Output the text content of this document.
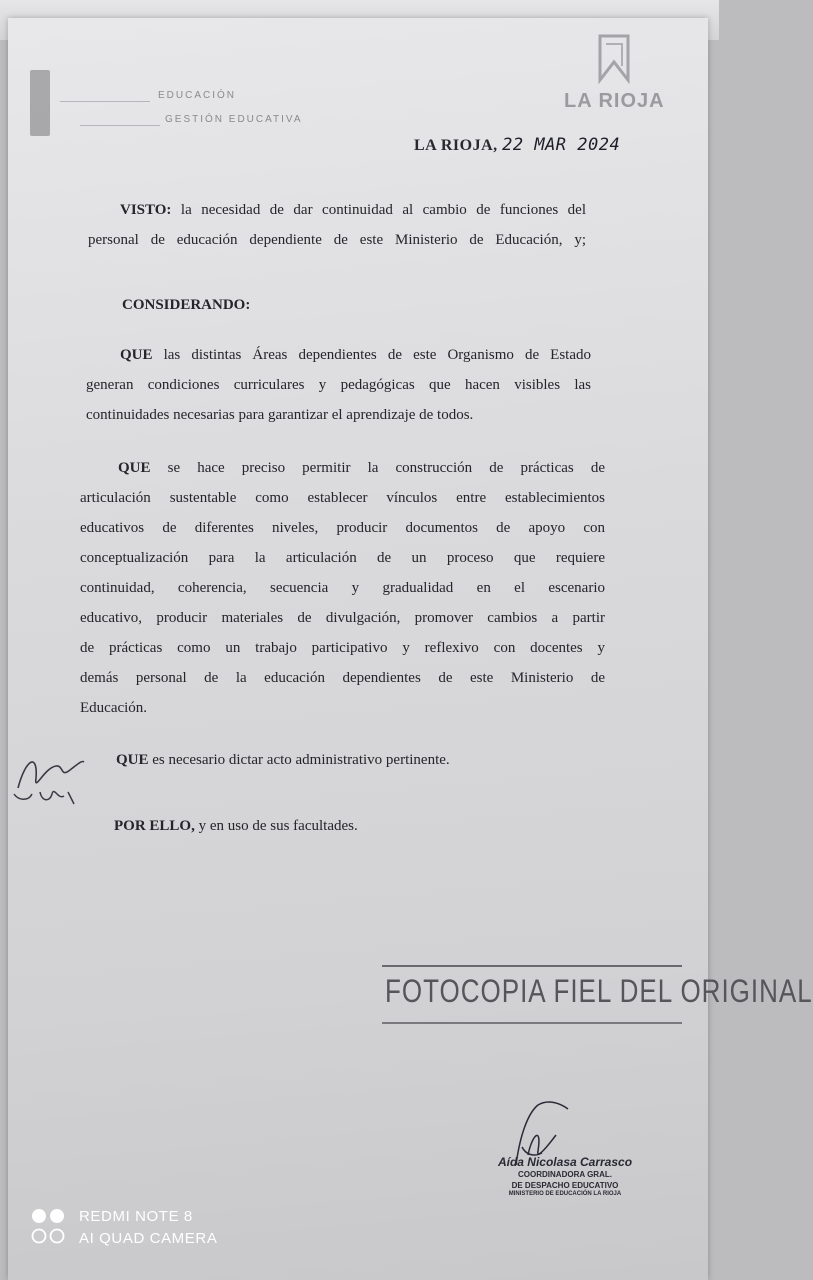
EDUCACIÓN
GESTIÓN EDUCATIVA
LA RIOJA
LA RIOJA, 22 MAR 2024
VISTO: la necesidad de dar continuidad al cambio de funciones del
personal de educación dependiente de este Ministerio de Educación, y;
CONSIDERANDO:
QUE las distintas Áreas dependientes de este Organismo de Estado
generan condiciones curriculares y pedagógicas que hacen visibles las
continuidades necesarias para garantizar el aprendizaje de todos.
QUE se hace preciso permitir la construcción de prácticas de
articulación sustentable como establecer vínculos entre establecimientos
educativos de diferentes niveles, producir documentos de apoyo con
conceptualización para la articulación de un proceso que requiere
continuidad, coherencia, secuencia y gradualidad en el escenario
educativo, producir materiales de divulgación, promover cambios a partir
de prácticas como un trabajo participativo y reflexivo con docentes y
demás personal de la educación dependientes de este Ministerio de
Educación.
QUE es necesario dictar acto administrativo pertinente.
POR ELLO, y en uso de sus facultades.
FOTOCOPIA FIEL DEL ORIGINAL
Aída Nicolasa Carrasco
COORDINADORA GRAL.
DE DESPACHO EDUCATIVO
MINISTERIO DE EDUCACIÓN LA RIOJA
REDMI NOTE 8
AI QUAD CAMERA
